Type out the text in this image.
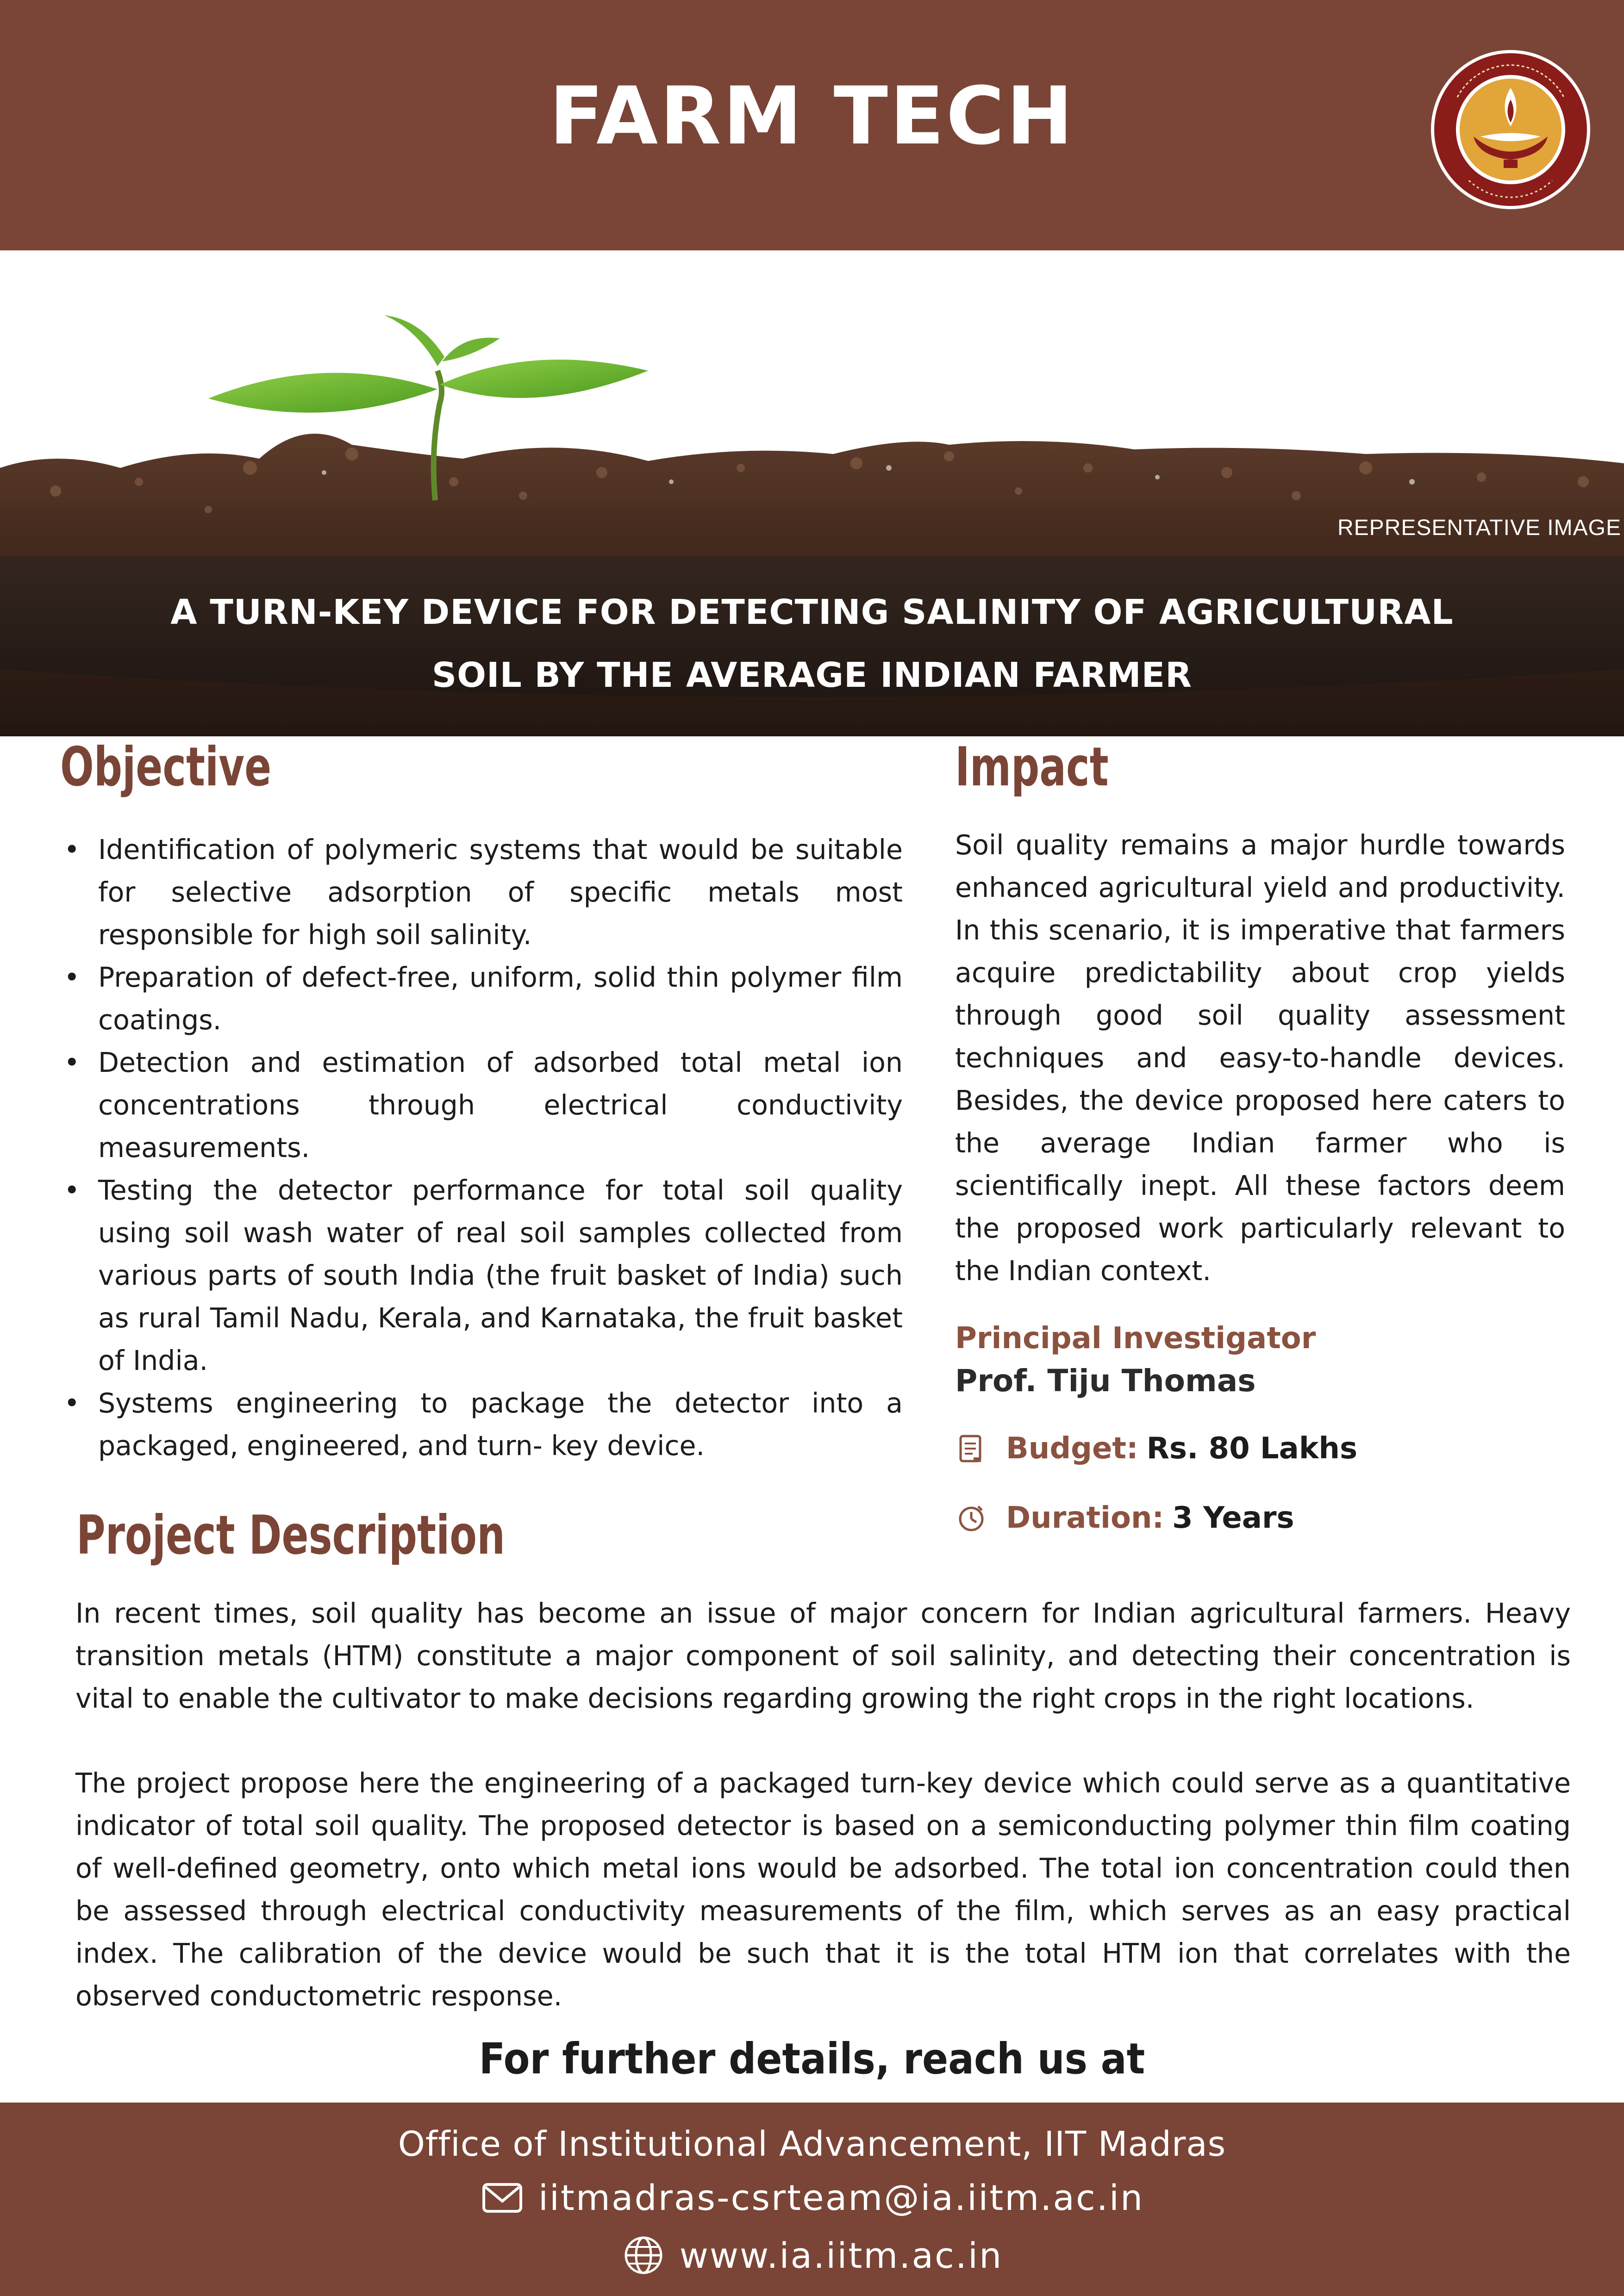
FARM TECH
REPRESENTATIVE IMAGE
A TURN-KEY DEVICE FOR DETECTING SALINITY OF AGRICULTURAL
SOIL BY THE AVERAGE INDIAN FARMER
Objective
• Identification of polymeric systems that would be suitable for selective adsorption of specific metals most responsible for high soil salinity.
• Preparation of defect-free, uniform, solid thin polymer film coatings.
• Detection and estimation of adsorbed total metal ion concentrations through electrical conductivity measurements.
• Testing the detector performance for total soil quality using soil wash water of real soil samples collected from various parts of south India (the fruit basket of India) such as rural Tamil Nadu, Kerala, and Karnataka, the fruit basket of India.
• Systems engineering to package the detector into a packaged, engineered, and turn- key device.
Impact
Soil quality remains a major hurdle towards enhanced agricultural yield and productivity. In this scenario, it is imperative that farmers acquire predictability about crop yields through good soil quality assessment techniques and easy-to-handle devices. Besides, the device proposed here caters to the average Indian farmer who is scientifically inept. All these factors deem the proposed work particularly relevant to the Indian context.
Principal Investigator
Prof. Tiju Thomas
Budget: Rs. 80 Lakhs
Duration: 3 Years
Project Description
In recent times, soil quality has become an issue of major concern for Indian agricultural farmers. Heavy transition metals (HTM) constitute a major component of soil salinity, and detecting their concentration is vital to enable the cultivator to make decisions regarding growing the right crops in the right locations.
The project propose here the engineering of a packaged turn-key device which could serve as a quantitative indicator of total soil quality. The proposed detector is based on a semiconducting polymer thin film coating of well-defined geometry, onto which metal ions would be adsorbed. The total ion concentration could then be assessed through electrical conductivity measurements of the film, which serves as an easy practical index. The calibration of the device would be such that it is the total HTM ion that correlates with the observed conductometric response.
For further details, reach us at
Office of Institutional Advancement, IIT Madras
iitmadras-csrteam@ia.iitm.ac.in
www.ia.iitm.ac.in
